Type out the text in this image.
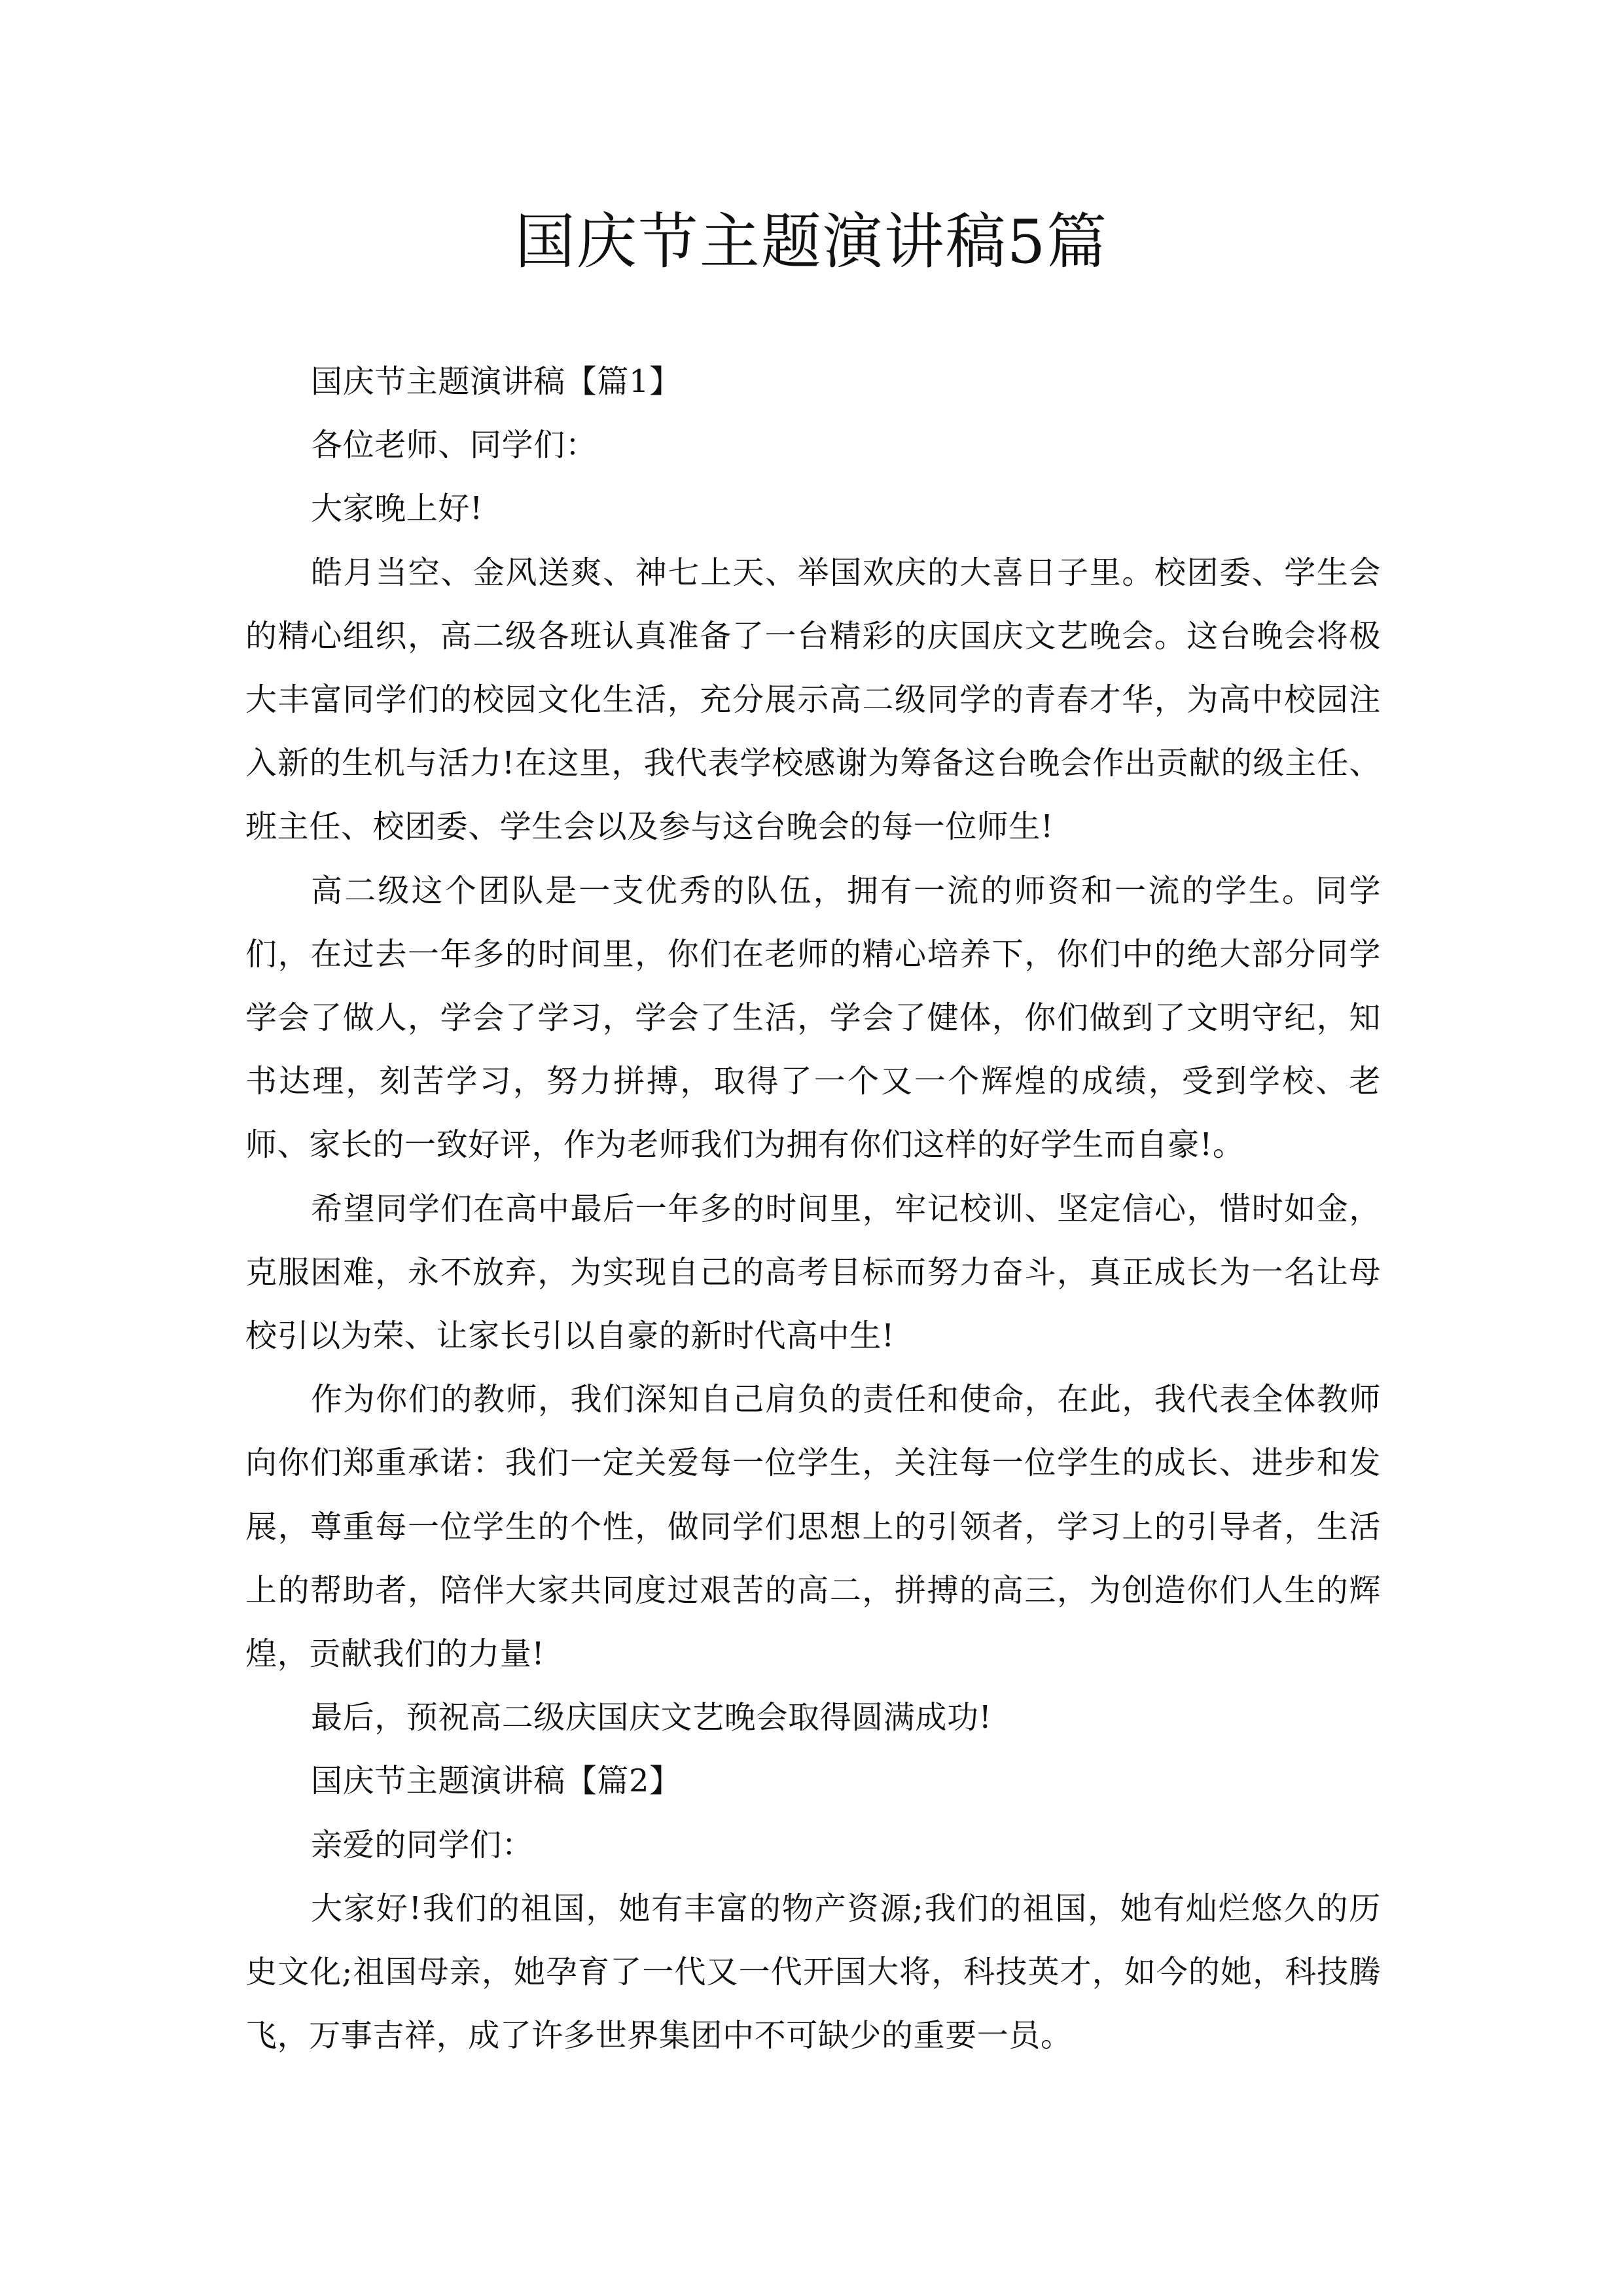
国庆节主题演讲稿5篇

国庆节主题演讲稿【篇1】

各位老师、同学们：

大家晚上好!

皓月当空、金风送爽、神七上天、举国欢庆的大喜日子里。校团委、学生会的精心组织，高二级各班认真准备了一台精彩的庆国庆文艺晚会。这台晚会将极大丰富同学们的校园文化生活，充分展示高二级同学的青春才华，为高中校园注入新的生机与活力!在这里，我代表学校感谢为筹备这台晚会作出贡献的级主任、班主任、校团委、学生会以及参与这台晚会的每一位师生!

高二级这个团队是一支优秀的队伍，拥有一流的师资和一流的学生。同学们，在过去一年多的时间里，你们在老师的精心培养下，你们中的绝大部分同学学会了做人，学会了学习，学会了生活，学会了健体，你们做到了文明守纪，知书达理，刻苦学习，努力拼搏，取得了一个又一个辉煌的成绩，受到学校、老师、家长的一致好评，作为老师我们为拥有你们这样的好学生而自豪!。

希望同学们在高中最后一年多的时间里，牢记校训、坚定信心，惜时如金，克服困难，永不放弃，为实现自己的高考目标而努力奋斗，真正成长为一名让母校引以为荣、让家长引以自豪的新时代高中生!

作为你们的教师，我们深知自己肩负的责任和使命，在此，我代表全体教师向你们郑重承诺：我们一定关爱每一位学生，关注每一位学生的成长、进步和发展，尊重每一位学生的个性，做同学们思想上的引领者，学习上的引导者，生活上的帮助者，陪伴大家共同度过艰苦的高二，拼搏的高三，为创造你们人生的辉煌，贡献我们的力量!

最后，预祝高二级庆国庆文艺晚会取得圆满成功!

国庆节主题演讲稿【篇2】

亲爱的同学们：

大家好!我们的祖国，她有丰富的物产资源;我们的祖国，她有灿烂悠久的历史文化;祖国母亲，她孕育了一代又一代开国大将，科技英才，如今的她，科技腾飞，万事吉祥，成了许多世界集团中不可缺少的重要一员。
